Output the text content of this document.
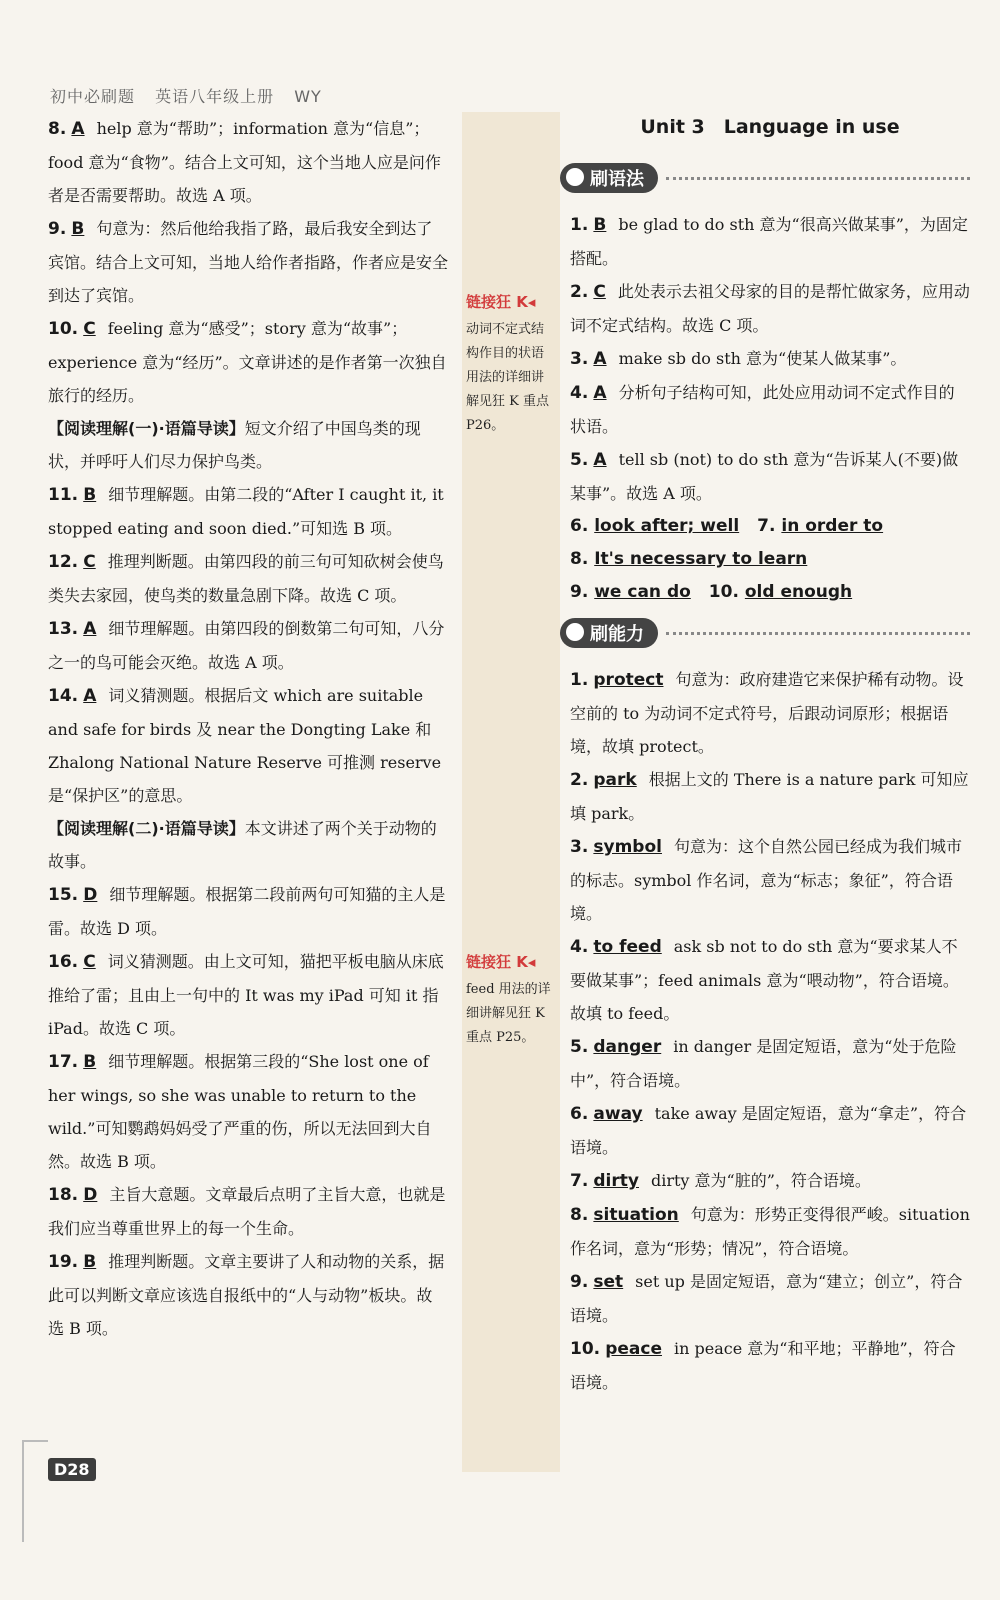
初中必刷题 英语八年级上册 WY

8. A help 意为“帮助”；information 意为“信息”；food 意为“食物”。结合上文可知，这个当地人应是问作者是否需要帮助。故选 A 项。

9. B 句意为：然后他给我指了路，最后我安全到达了宾馆。结合上文可知，当地人给作者指路，作者应是安全到达了宾馆。

10. C feeling 意为“感受”；story 意为“故事”；experience 意为“经历”。文章讲述的是作者第一次独自旅行的经历。

【阅读理解(一)·语篇导读】短文介绍了中国鸟类的现状，并呼吁人们尽力保护鸟类。

11. B 细节理解题。由第二段的“After I caught it, it stopped eating and soon died.”可知选 B 项。

12. C 推理判断题。由第四段的前三句可知砍树会使鸟类失去家园，使鸟类的数量急剧下降。故选 C 项。

13. A 细节理解题。由第四段的倒数第二句可知，八分之一的鸟可能会灭绝。故选 A 项。

14. A 词义猜测题。根据后文 which are suitable and safe for birds 及 near the Dongting Lake 和 Zhalong National Nature Reserve 可推测 reserve 是“保护区”的意思。

【阅读理解(二)·语篇导读】本文讲述了两个关于动物的故事。

15. D 细节理解题。根据第二段前两句可知猫的主人是雷。故选 D 项。

16. C 词义猜测题。由上文可知，猫把平板电脑从床底推给了雷；且由上一句中的 It was my iPad 可知 it 指 iPad。故选 C 项。

17. B 细节理解题。根据第三段的“She lost one of her wings, so she was unable to return to the wild.”可知鹦鹉妈妈受了严重的伤，所以无法回到大自然。故选 B 项。

18. D 主旨大意题。文章最后点明了主旨大意，也就是我们应当尊重世界上的每一个生命。

19. B 推理判断题。文章主要讲了人和动物的关系，据此可以判断文章应该选自报纸中的“人与动物”板块。故选 B 项。

链接狂 K◂
动词不定式结构作目的状语用法的详细讲解见狂 K 重点 P26。
链接狂 K◂
feed 用法的详细讲解见狂 K 重点 P25。

Unit 3　Language in use

刷语法

1. B be glad to do sth 意为“很高兴做某事”，为固定搭配。

2. C 此处表示去祖父母家的目的是帮忙做家务，应用动词不定式结构。故选 C 项。

3. A make sb do sth 意为“使某人做某事”。

4. A 分析句子结构可知，此处应用动词不定式作目的状语。

5. A tell sb (not) to do sth 意为“告诉某人(不要)做某事”。故选 A 项。

6. look after; well 7. in order to

8. It's necessary to learn

9. we can do 10. old enough

刷能力

1. protect 句意为：政府建造它来保护稀有动物。设空前的 to 为动词不定式符号，后跟动词原形；根据语境，故填 protect。

2. park 根据上文的 There is a nature park 可知应填 park。

3. symbol 句意为：这个自然公园已经成为我们城市的标志。symbol 作名词，意为“标志；象征”，符合语境。

4. to feed ask sb not to do sth 意为“要求某人不要做某事”；feed animals 意为“喂动物”，符合语境。故填 to feed。

5. danger in danger 是固定短语，意为“处于危险中”，符合语境。

6. away take away 是固定短语，意为“拿走”，符合语境。

7. dirty dirty 意为“脏的”，符合语境。

8. situation 句意为：形势正变得很严峻。situation 作名词，意为“形势；情况”，符合语境。

9. set set up 是固定短语，意为“建立；创立”，符合语境。

10. peace in peace 意为“和平地；平静地”，符合语境。

D28
